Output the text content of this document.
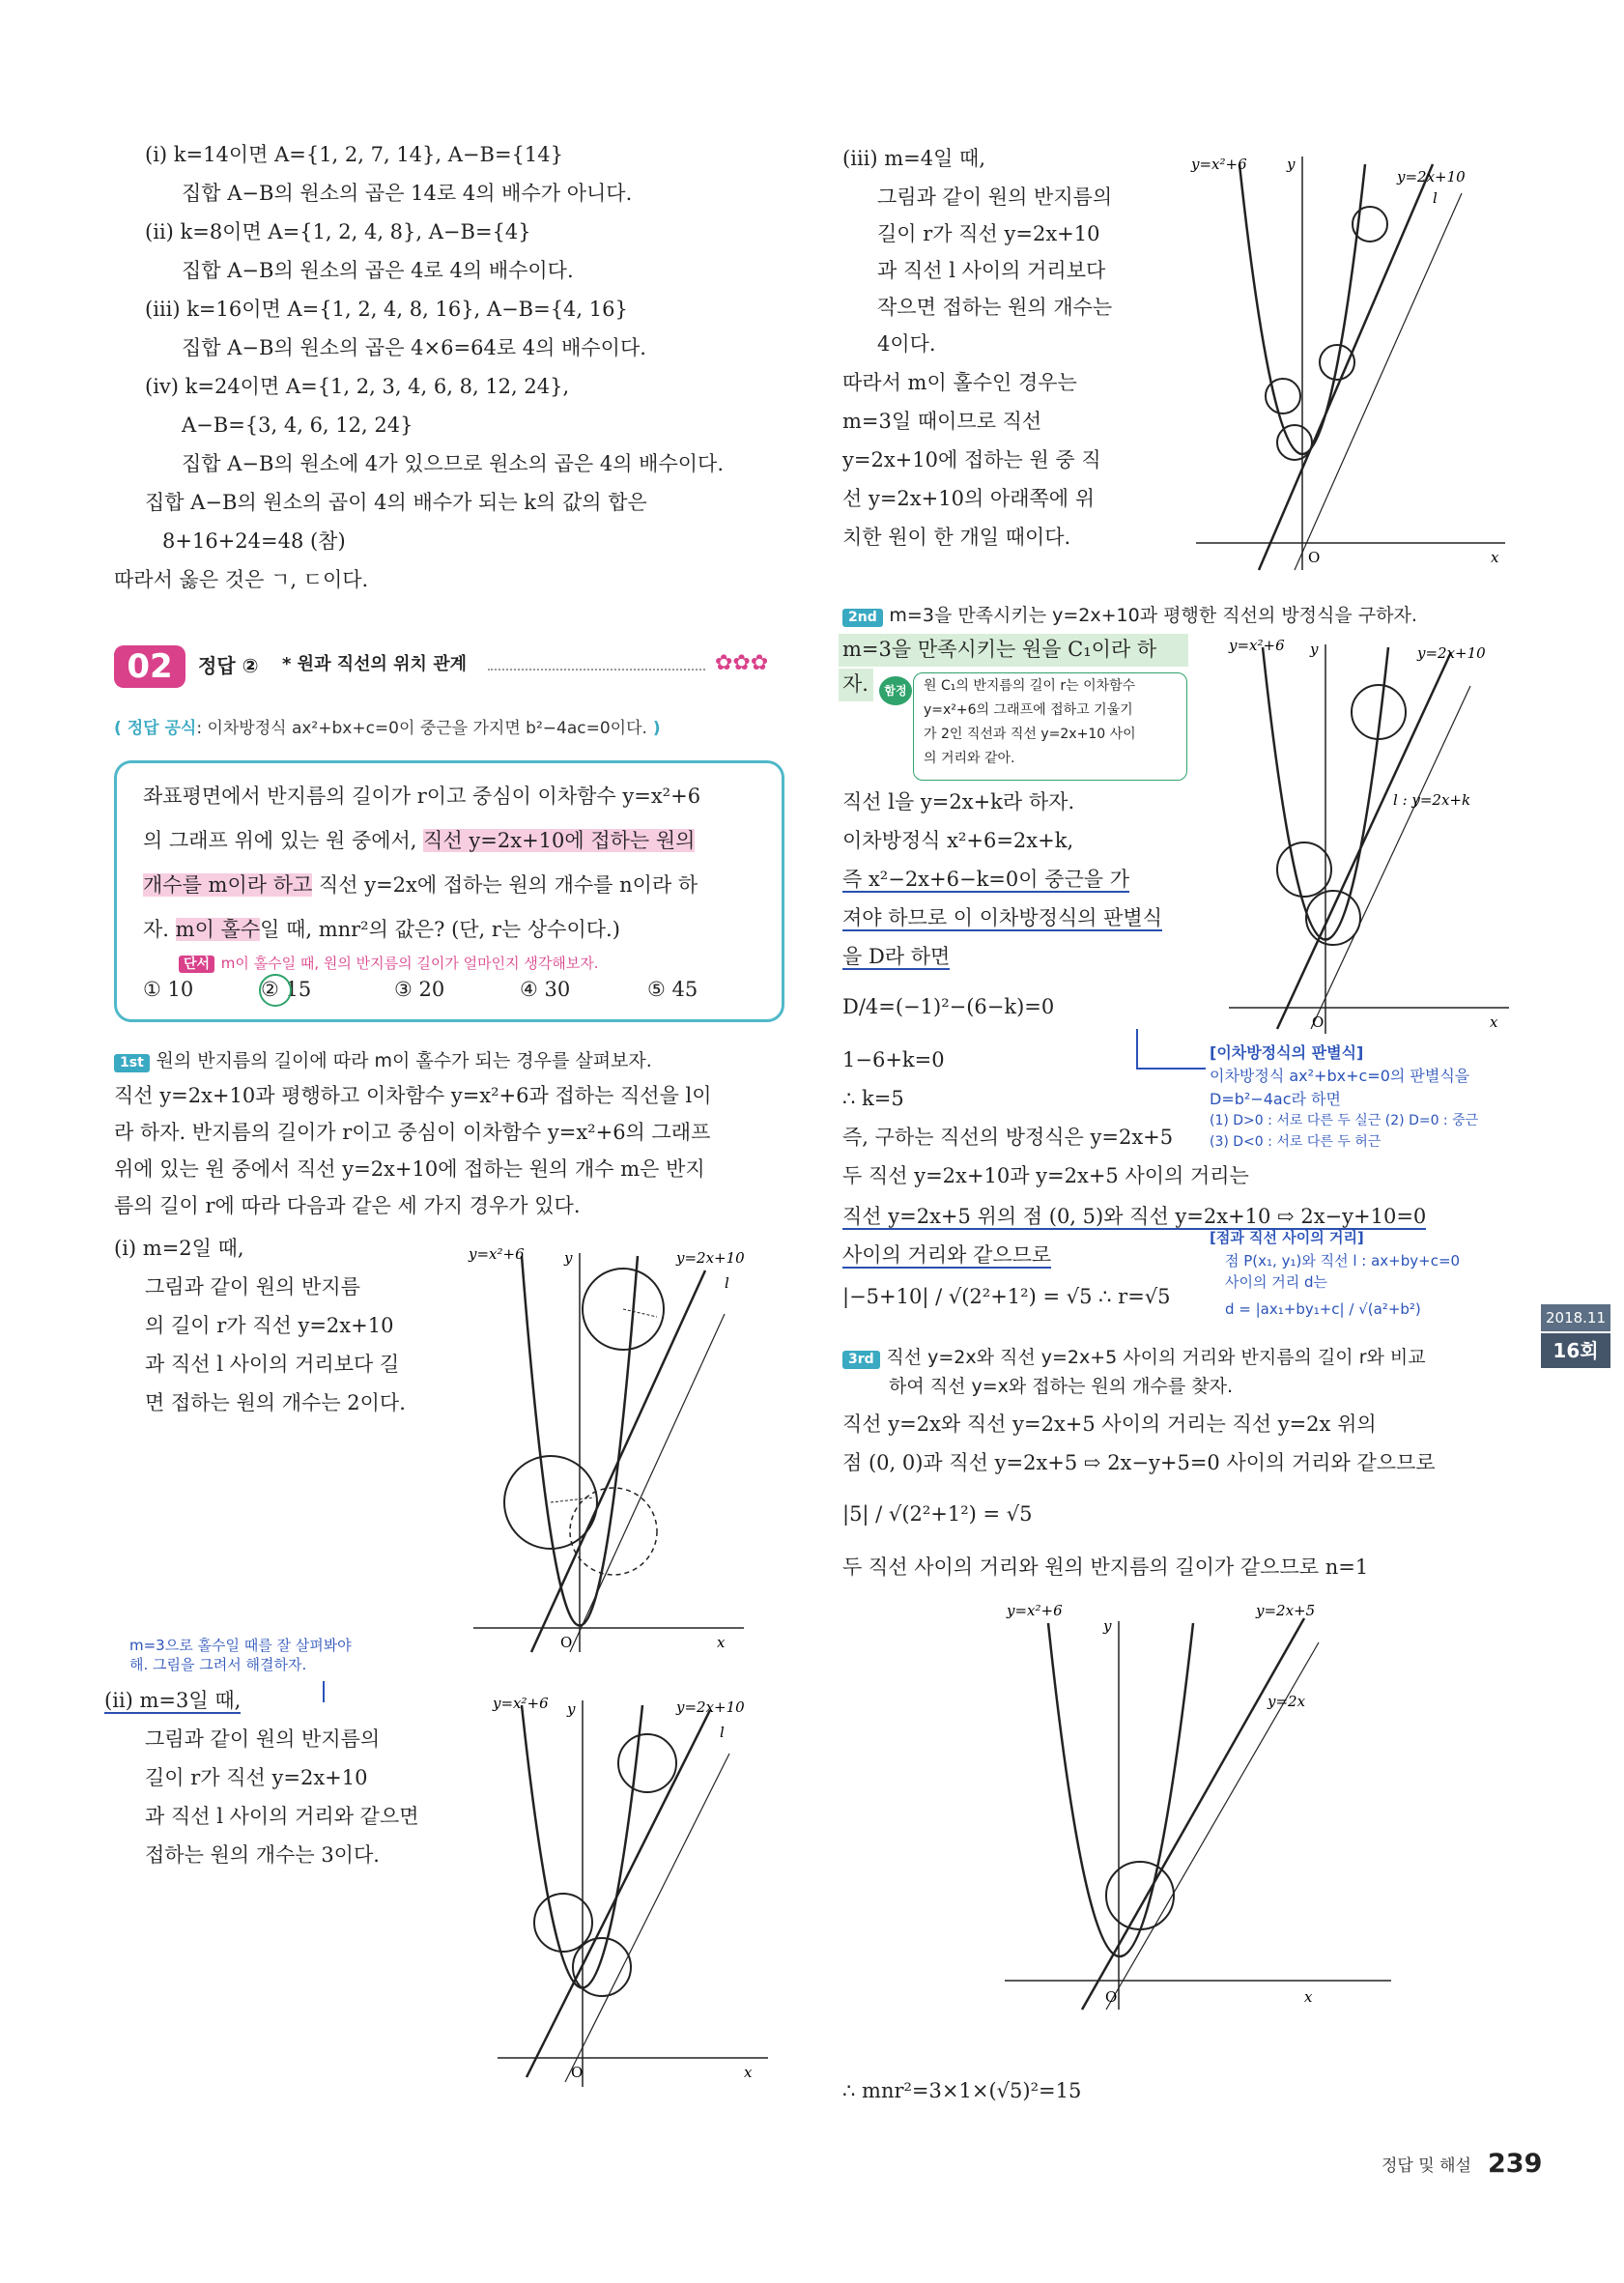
(ⅰ) k=14이면 A={1, 2, 7, 14}, A−B={14}
집합 A−B의 원소의 곱은 14로 4의 배수가 아니다.
(ⅱ) k=8이면 A={1, 2, 4, 8}, A−B={4}
집합 A−B의 원소의 곱은 4로 4의 배수이다.
(ⅲ) k=16이면 A={1, 2, 4, 8, 16}, A−B={4, 16}
집합 A−B의 원소의 곱은 4×6=64로 4의 배수이다.
(ⅳ) k=24이면 A={1, 2, 3, 4, 6, 8, 12, 24},
A−B={3, 4, 6, 12, 24}
집합 A−B의 원소에 4가 있으므로 원소의 곱은 4의 배수이다.
집합 A−B의 원소의 곱이 4의 배수가 되는 k의 값의 합은
8+16+24=48 (참)
따라서 옳은 것은 ㄱ, ㄷ이다.
02	정답 ② * 원과 직선의 위치 관계	✿✿✿
( 정답 공식: 이차방정식 ax²+bx+c=0이 중근을 가지면 b²−4ac=0이다. )
좌표평면에서 반지름의 길이가 r이고 중심이 이차함수 y=x²+6
의 그래프 위에 있는 원 중에서, 직선 y=2x+10에 접하는 원의
개수를 m이라 하고 직선 y=2x에 접하는 원의 개수를 n이라 하
자. m이 홀수일 때, mnr²의 값은? (단, r는 상수이다.)
단서 m이 홀수일 때, 원의 반지름의 길이가 얼마인지 생각해보자.
① 10	② 15	③ 20	④ 30	⑤ 45
1st 원의 반지름의 길이에 따라 m이 홀수가 되는 경우를 살펴보자.
직선 y=2x+10과 평행하고 이차함수 y=x²+6과 접하는 직선을 l이
라 하자. 반지름의 길이가 r이고 중심이 이차함수 y=x²+6의 그래프
위에 있는 원 중에서 직선 y=2x+10에 접하는 원의 개수 m은 반지
름의 길이 r에 따라 다음과 같은 세 가지 경우가 있다.
(ⅰ) m=2일 때,
그림과 같이 원의 반지름
의 길이 r가 직선 y=2x+10
과 직선 l 사이의 거리보다 길
면 접하는 원의 개수는 2이다.
m=3으로 홀수일 때를 잘 살펴봐야
해. 그림을 그려서 해결하자.
(ⅱ) m=3일 때,
그림과 같이 원의 반지름의
길이 r가 직선 y=2x+10
과 직선 l 사이의 거리와 같으면
접하는 원의 개수는 3이다.
y=x²+6	y=2x+10
l
O	x
y
y=x²+6	y=2x+10
l
O	x
y
(ⅲ) m=4일 때,
그림과 같이 원의 반지름의
길이 r가 직선 y=2x+10
과 직선 l 사이의 거리보다
작으면 접하는 원의 개수는
4이다.
따라서 m이 홀수인 경우는
m=3일 때이므로 직선
y=2x+10에 접하는 원 중 직
선 y=2x+10의 아래쪽에 위
치한 원이 한 개일 때이다.
y=x²+6
y=2x+10
l
O	x
y
2nd m=3을 만족시키는 y=2x+10과 평행한 직선의 방정식을 구하자.
m=3을 만족시키는 원을 C₁이라 하
자.	함정	원 C₁의 반지름의 길이 r는 이차함수
y=x²+6의 그래프에 접하고 기울기
가 2인 직선과 직선 y=2x+10 사이
의 거리와 같아.
y=x²+6	y=2x+10
l : y=2x+k
O	x
y
직선 l을 y=2x+k라 하자.
이차방정식 x²+6=2x+k,
즉 x²−2x+6−k=0이 중근을 가
져야 하므로 이 이차방정식의 판별식
을 D라 하면
D/4=(−1)²−(6−k)=0
1−6+k=0
∴ k=5
즉, 구하는 직선의 방정식은 y=2x+5
두 직선 y=2x+10과 y=2x+5 사이의 거리는
직선 y=2x+5 위의 점 (0, 5)와 직선 y=2x+10 ⇨ 2x−y+10=0
사이의 거리와 같으므로
|−5+10| / √(2²+1²) = √5 ∴ r=√5
[이차방정식의 판별식]
이차방정식 ax²+bx+c=0의 판별식을
D=b²−4ac라 하면
(1) D>0 : 서로 다른 두 실근 (2) D=0 : 중근
(3) D<0 : 서로 다른 두 허근
[점과 직선 사이의 거리]
점 P(x₁, y₁)와 직선 l : ax+by+c=0
사이의 거리 d는
d = |ax₁+by₁+c| / √(a²+b²)
3rd 직선 y=2x와 직선 y=2x+5 사이의 거리와 반지름의 길이 r와 비교
하여 직선 y=x와 접하는 원의 개수를 찾자.
직선 y=2x와 직선 y=2x+5 사이의 거리는 직선 y=2x 위의
점 (0, 0)과 직선 y=2x+5 ⇨ 2x−y+5=0 사이의 거리와 같으므로
|5| / √(2²+1²) = √5
두 직선 사이의 거리와 원의 반지름의 길이가 같으므로 n=1
y=x²+6	y=2x+5
y=2x
O	x
y
∴ mnr²=3×1×(√5)²=15
2018.11
16회
정답 및 해설 239
